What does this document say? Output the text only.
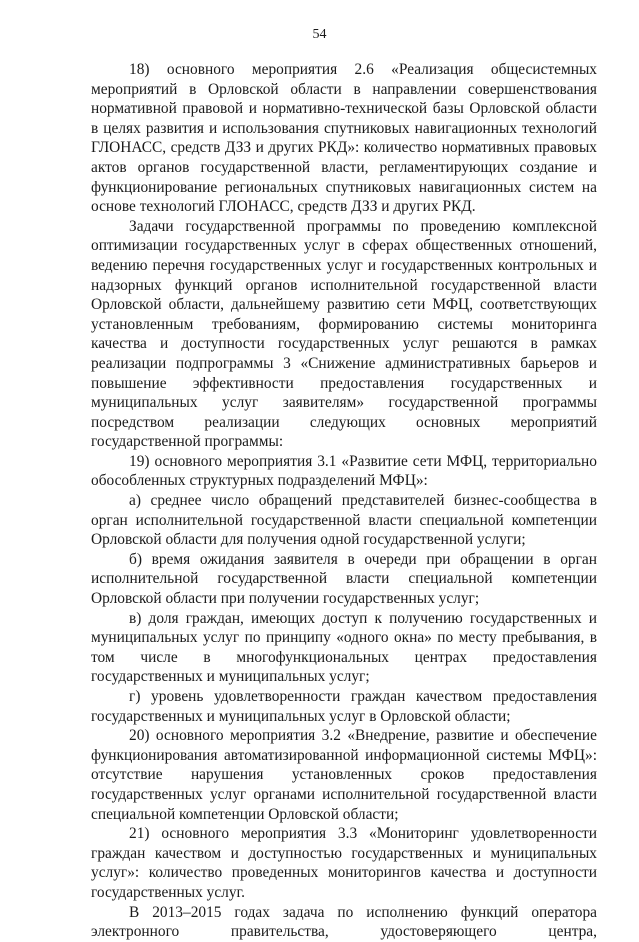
54

18) основного мероприятия 2.6 «Реализация общесистемных мероприятий в Орловской области в направлении совершенствования нормативной правовой и нормативно-технической базы Орловской области в целях развития и использования спутниковых навигационных технологий ГЛОНАСС, средств ДЗЗ и других РКД»: количество нормативных правовых актов органов государственной власти, регламентирующих создание и функционирование региональных спутниковых навигационных систем на основе технологий ГЛОНАСС, средств ДЗЗ и других РКД.

Задачи государственной программы по проведению комплексной оптимизации государственных услуг в сферах общественных отношений, ведению перечня государственных услуг и государственных контрольных и надзорных функций органов исполнительной государственной власти Орловской области, дальнейшему развитию сети МФЦ, соответствующих установленным требованиям, формированию системы мониторинга качества и доступности государственных услуг решаются в рамках реализации подпрограммы 3 «Снижение административных барьеров и повышение эффективности предоставления государственных и муниципальных услуг заявителям» государственной программы посредством реализации следующих основных мероприятий государственной программы:

19) основного мероприятия 3.1 «Развитие сети МФЦ, территориально обособленных структурных подразделений МФЦ»:

а) среднее число обращений представителей бизнес-сообщества в орган исполнительной государственной власти специальной компетенции Орловской области для получения одной государственной услуги;

б) время ожидания заявителя в очереди при обращении в орган исполнительной государственной власти специальной компетенции Орловской области при получении государственных услуг;

в) доля граждан, имеющих доступ к получению государственных и муниципальных услуг по принципу «одного окна» по месту пребывания, в том числе в многофункциональных центрах предоставления государственных и муниципальных услуг;

г) уровень удовлетворенности граждан качеством предоставления государственных и муниципальных услуг в Орловской области;

20) основного мероприятия 3.2 «Внедрение, развитие и обеспечение функционирования автоматизированной информационной системы МФЦ»: отсутствие нарушения установленных сроков предоставления государственных услуг органами исполнительной государственной власти специальной компетенции Орловской области;

21) основного мероприятия 3.3 «Мониторинг удовлетворенности граждан качеством и доступностью государственных и муниципальных услуг»: количество проведенных мониторингов качества и доступности государственных услуг.

В 2013–2015 годах задача по исполнению функций оператора электронного правительства, удостоверяющего центра,
